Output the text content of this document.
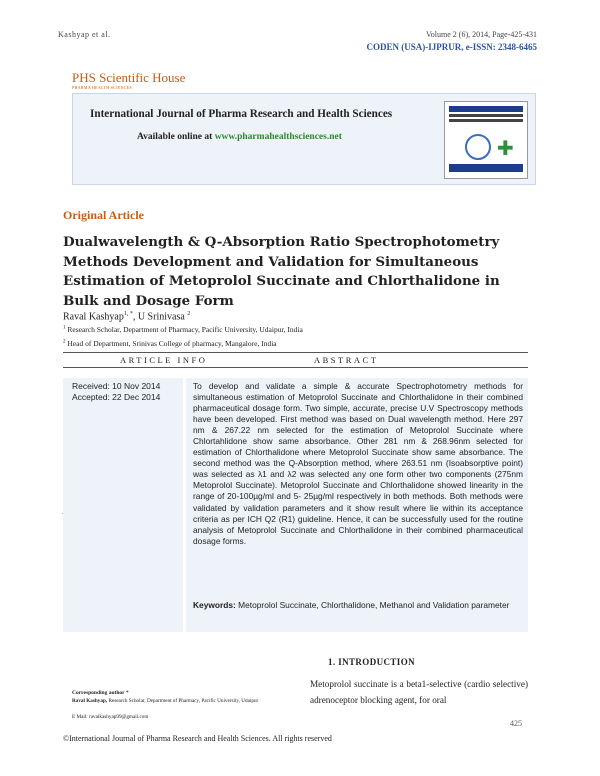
Kashyap et al.	Volume 2 (6), 2014, Page-425-431
CODEN (USA)-IJPRUR, e-ISSN: 2348-6465
PHS Scientific House
PHARMA HEALTH SCIENCES
International Journal of Pharma Research and Health Sciences
Available online at www.pharmahealthsciences.net	✚
Original Article
Dualwavelength & Q-Absorption Ratio Spectrophotometry Methods Development and Validation for Simultaneous Estimation of Metoprolol Succinate and Chlorthalidone in Bulk and Dosage Form
Raval Kashyap$^{1, *}$, U Srinivasa $^2$
$^1$ Research Scholar, Department of Pharmacy, Pacific University, Udaipur, India
$^2$ Head of Department, Srinivas College of pharmacy, Mangalore, India
ARTICLE INFO	ABSTRACT
Received: 10 Nov 2014
Accepted: 22 Dec 2014
.
To develop and validate a simple & accurate Spectrophotometry methods for simultaneous estimation of Metoprolol Succinate and Chlorthalidone in their combined pharmaceutical dosage form. Two simple, accurate, precise U.V Spectroscopy methods have been developed. First method was based on Dual wavelength method. Here 297 nm & 267.22 nm selected for the estimation of Metoprolol Succinate where Chlortahlidone show same absorbance. Other 281 nm & 268.96nm selected for estimation of Chlorthalidone where Metoprolol Succinate show same absorbance. The second method was the Q-Absorption method, where 263.51 nm (Isoabsorptive point) was selected as λ1 and λ2 was selected any one form other two components (275nm Metoprolol Succinate). Metoprolol Succinate and Chlorthalidone showed linearity in the range of 20-100µg/ml and 5- 25µg/ml respectively in both methods. Both methods were validated by validation parameters and it show result where lie within its acceptance criteria as per ICH Q2 (R1) guideline. Hence, it can be successfully used for the routine analysis of Metoprolol Succinate and Chlorthalidone in their combined pharmaceutical dosage forms.
Keywords: Metoprolol Succinate, Chlorthalidone, Methanol and Validation parameter
1. INTRODUCTION
Metoprolol succinate is a beta1-selective (cardio selective) adrenoceptor blocking agent, for oral
Corresponding author *
Raval Kashyap, Research Scholar, Department of Pharmacy, Pacific University, Udaipur
E Mail: ravalkashyap99@gmail.com
425
©International Journal of Pharma Research and Health Sciences. All rights reserved
